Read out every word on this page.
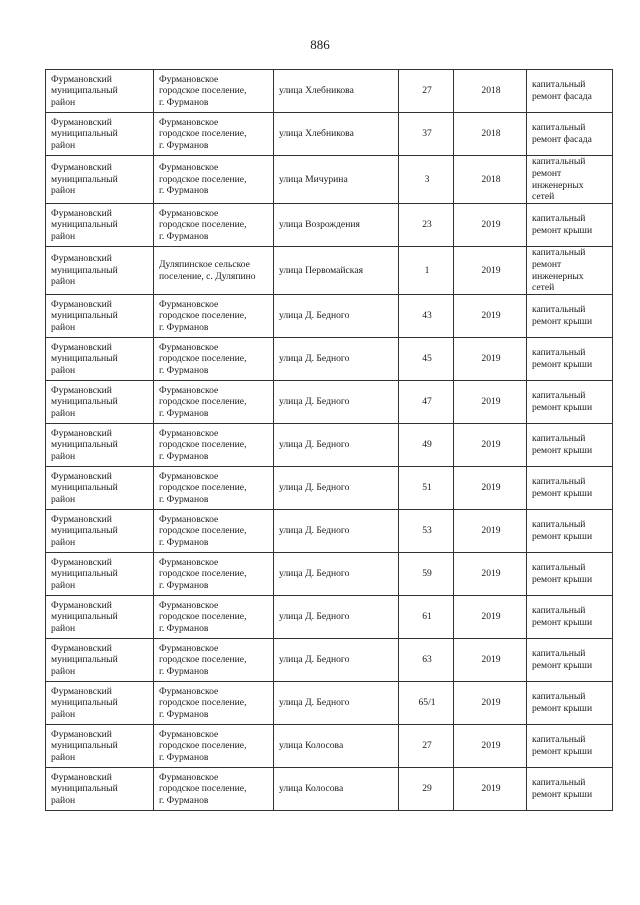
886
Фурмановский
муниципальный
район	Фурмановское
городское поселение,
г. Фурманов	улица Хлебникова	27	2018	капитальный
ремонт фасада
Фурмановский
муниципальный
район	Фурмановское
городское поселение,
г. Фурманов	улица Хлебникова	37	2018	капитальный
ремонт фасада
Фурмановский
муниципальный
район	Фурмановское
городское поселение,
г. Фурманов	улица Мичурина	3	2018	капитальный
ремонт
инженерных
сетей
Фурмановский
муниципальный
район	Фурмановское
городское поселение,
г. Фурманов	улица Возрождения	23	2019	капитальный
ремонт крыши
Фурмановский
муниципальный
район	Дуляпинское сельское
поселение, с. Дуляпино	улица Первомайская	1	2019	капитальный
ремонт
инженерных
сетей
Фурмановский
муниципальный
район	Фурмановское
городское поселение,
г. Фурманов	улица Д. Бедного	43	2019	капитальный
ремонт крыши
Фурмановский
муниципальный
район	Фурмановское
городское поселение,
г. Фурманов	улица Д. Бедного	45	2019	капитальный
ремонт крыши
Фурмановский
муниципальный
район	Фурмановское
городское поселение,
г. Фурманов	улица Д. Бедного	47	2019	капитальный
ремонт крыши
Фурмановский
муниципальный
район	Фурмановское
городское поселение,
г. Фурманов	улица Д. Бедного	49	2019	капитальный
ремонт крыши
Фурмановский
муниципальный
район	Фурмановское
городское поселение,
г. Фурманов	улица Д. Бедного	51	2019	капитальный
ремонт крыши
Фурмановский
муниципальный
район	Фурмановское
городское поселение,
г. Фурманов	улица Д. Бедного	53	2019	капитальный
ремонт крыши
Фурмановский
муниципальный
район	Фурмановское
городское поселение,
г. Фурманов	улица Д. Бедного	59	2019	капитальный
ремонт крыши
Фурмановский
муниципальный
район	Фурмановское
городское поселение,
г. Фурманов	улица Д. Бедного	61	2019	капитальный
ремонт крыши
Фурмановский
муниципальный
район	Фурмановское
городское поселение,
г. Фурманов	улица Д. Бедного	63	2019	капитальный
ремонт крыши
Фурмановский
муниципальный
район	Фурмановское
городское поселение,
г. Фурманов	улица Д. Бедного	65/1	2019	капитальный
ремонт крыши
Фурмановский
муниципальный
район	Фурмановское
городское поселение,
г. Фурманов	улица Колосова	27	2019	капитальный
ремонт крыши
Фурмановский
муниципальный
район	Фурмановское
городское поселение,
г. Фурманов	улица Колосова	29	2019	капитальный
ремонт крыши
